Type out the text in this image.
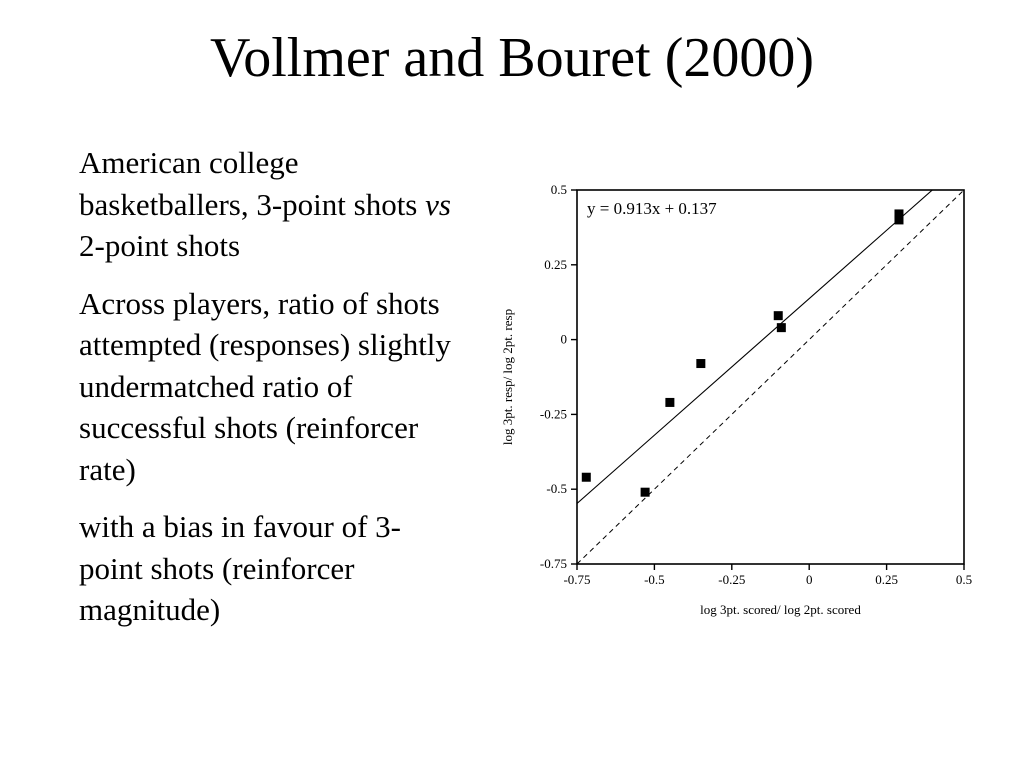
Vollmer and Bouret (2000)

American college basketballers, 3-point shots vs 2-point shots

Across players, ratio of shots attempted (responses) slightly undermatched ratio of successful shots (reinforcer rate)

with a bias in favour of 3-point shots (reinforcer magnitude)

0.5
0.25
0
-0.25
-0.5
-0.75
-0.75	-0.5	-0.25	0	0.25	0.5
y = 0.913x + 0.137
log 3pt. scored/ log 2pt. scored
log 3pt. resp/ log 2pt. resp
